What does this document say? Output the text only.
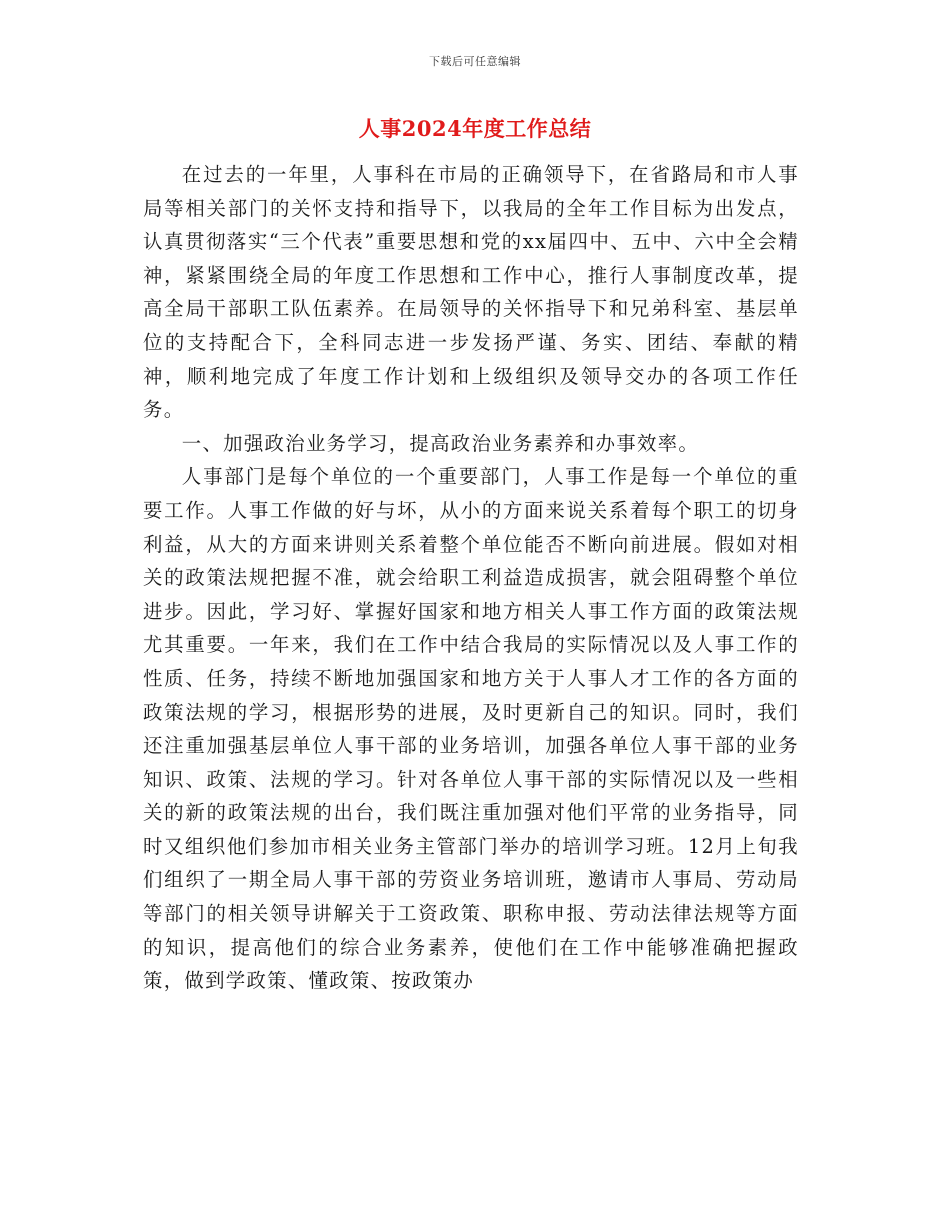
下载后可任意编辑
人事2024年度工作总结

在过去的一年里，人事科在市局的正确领导下，在省路局和市人事局等相关部门的关怀支持和指导下，以我局的全年工作目标为出发点，认真贯彻落实“三个代表”重要思想和党的xx届四中、五中、六中全会精神，紧紧围绕全局的年度工作思想和工作中心，推行人事制度改革，提高全局干部职工队伍素养。在局领导的关怀指导下和兄弟科室、基层单位的支持配合下，全科同志进一步发扬严谨、务实、团结、奉献的精神，顺利地完成了年度工作计划和上级组织及领导交办的各项工作任务。

一、加强政治业务学习，提高政治业务素养和办事效率。

人事部门是每个单位的一个重要部门，人事工作是每一个单位的重要工作。人事工作做的好与坏，从小的方面来说关系着每个职工的切身利益，从大的方面来讲则关系着整个单位能否不断向前进展。假如对相关的政策法规把握不准，就会给职工利益造成损害，就会阻碍整个单位进步。因此，学习好、掌握好国家和地方相关人事工作方面的政策法规尤其重要。一年来，我们在工作中结合我局的实际情况以及人事工作的性质、任务，持续不断地加强国家和地方关于人事人才工作的各方面的政策法规的学习，根据形势的进展，及时更新自己的知识。同时，我们还注重加强基层单位人事干部的业务培训，加强各单位人事干部的业务知识、政策、法规的学习。针对各单位人事干部的实际情况以及一些相关的新的政策法规的出台，我们既注重加强对他们平常的业务指导，同时又组织他们参加市相关业务主管部门举办的培训学习班。12月上旬我们组织了一期全局人事干部的劳资业务培训班，邀请市人事局、劳动局等部门的相关领导讲解关于工资政策、职称申报、劳动法律法规等方面的知识，提高他们的综合业务素养，使他们在工作中能够准确把握政策，做到学政策、懂政策、按政策办
